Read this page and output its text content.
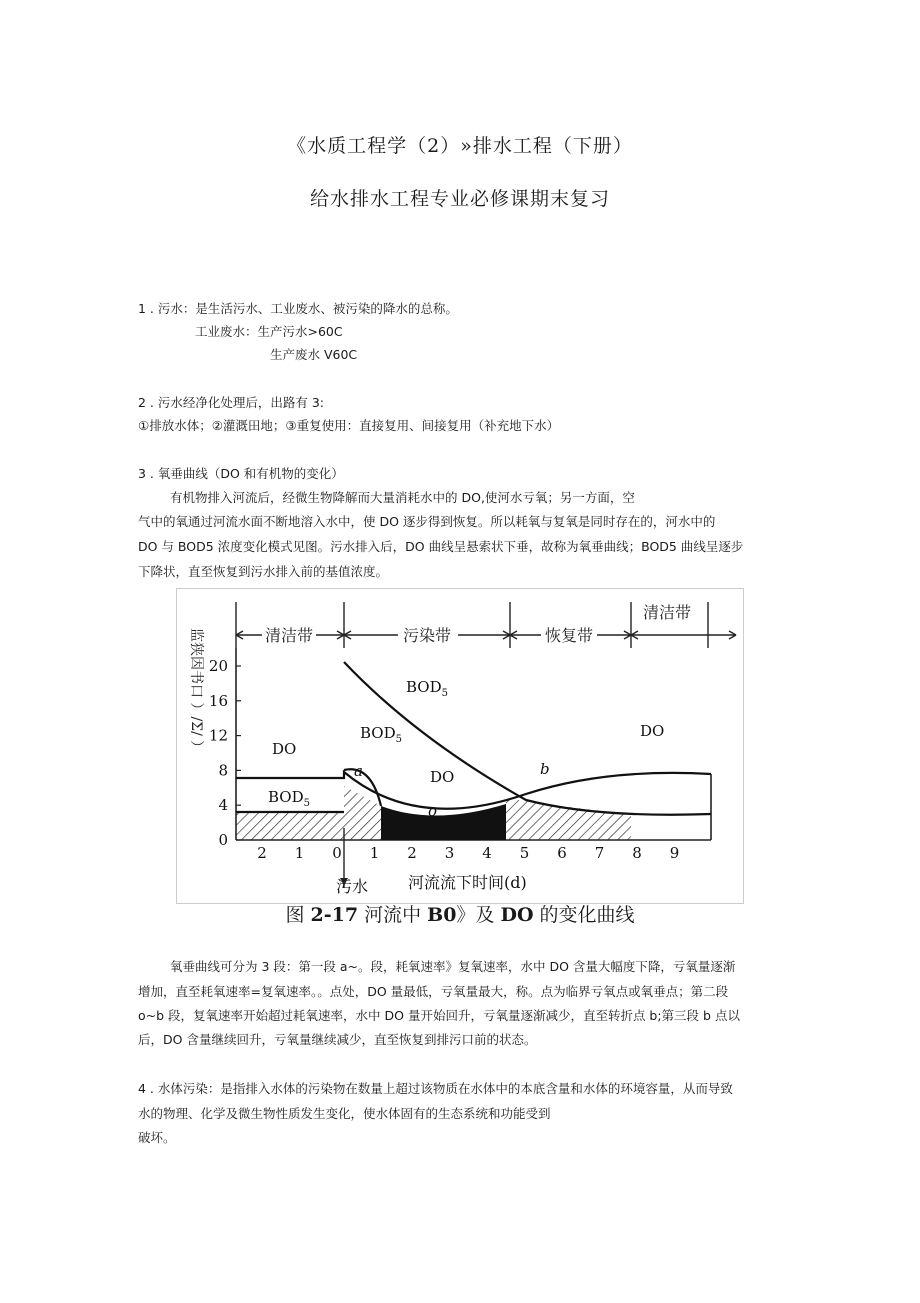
《水质工程学（2）»排水工程（下册）
给水排水工程专业必修课期末复习
1 . 污水：是生活污水、工业废水、被污染的降水的总称。
工业废水：生产污水>60C
生产废水 V60C
2 . 污水经净化处理后，出路有 3:
①排放水体；②灌溉田地；③重复使用：直接复用、间接复用（补充地下水）
3 . 氧垂曲线（DO 和有机物的变化）
有机物排入河流后，经微生物降解而大量消耗水中的 DO,使河水亏氧；另一方面，空
气中的氧通过河流水面不断地溶入水中，使 DO 逐步得到恢复。所以耗氧与复氧是同时存在的，河水中的
DO 与 BOD5 浓度变化模式见图。污水排入后，DO 曲线呈悬索状下垂，故称为氧垂曲线；BOD5 曲线呈逐步
下降状，直至恢复到污水排入前的基值浓度。
清洁带	污染带	恢复带
清洁带
监狭因书口 ）/Ʃ/ ） 20
16
12
8
4
0
2 1 0 1 2 3 4 5 6 7 8 9
$BOD_5$
$BOD_5$
DO
$BOD_5$
DO
DO
a
o
b
污水 河流流下时间(d)
图 2-17 河流中 B0》及 DO 的变化曲线
氧垂曲线可分为 3 段：第一段 a~。段，耗氧速率》复氧速率，水中 DO 含量大幅度下降，亏氧量逐渐
增加，直至耗氧速率=复氧速率。。点处，DO 量最低，亏氧量最大，称。点为临界亏氧点或氧垂点；第二段
o~b 段，复氧速率开始超过耗氧速率，水中 DO 量开始回升，亏氧量逐渐减少，直至转折点 b;第三段 b 点以
后，DO 含量继续回升，亏氧量继续减少，直至恢复到排污口前的状态。
4 . 水体污染：是指排入水体的污染物在数量上超过该物质在水体中的本底含量和水体的环境容量，从而导致
水的物理、化学及微生物性质发生变化，使水体固有的生态系统和功能受到
破坏。
